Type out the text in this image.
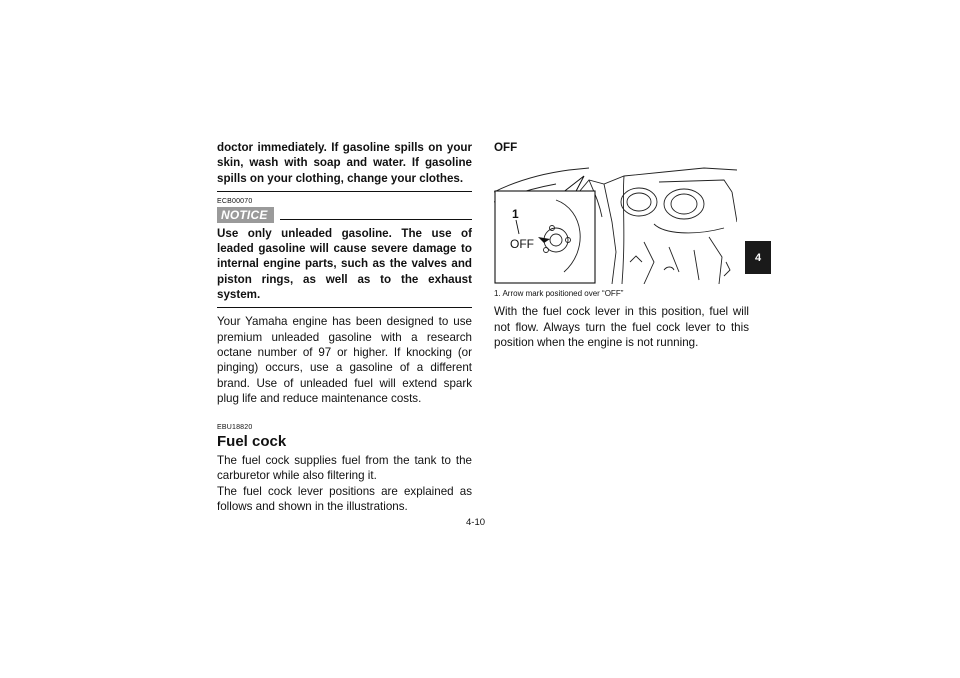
doctor immediately. If gasoline spills on your skin, wash with soap and water. If gasoline spills on your clothing, change your clothes.

ECB00070

NOTICE

Use only unleaded gasoline. The use of leaded gasoline will cause severe damage to internal engine parts, such as the valves and piston rings, as well as to the exhaust system.

Your Yamaha engine has been designed to use premium unleaded gasoline with a research octane number of 97 or higher. If knocking (or pinging) occurs, use a gasoline of a different brand. Use of unleaded fuel will extend spark plug life and reduce maintenance costs.

EBU18820

Fuel cock

The fuel cock supplies fuel from the tank to the carburetor while also filtering it.

The fuel cock lever positions are explained as follows and shown in the illustrations.

OFF

1
OFF

1. Arrow mark positioned over “OFF”

With the fuel cock lever in this position, fuel will not flow. Always turn the fuel cock lever to this position when the engine is not running.

4
4-10
